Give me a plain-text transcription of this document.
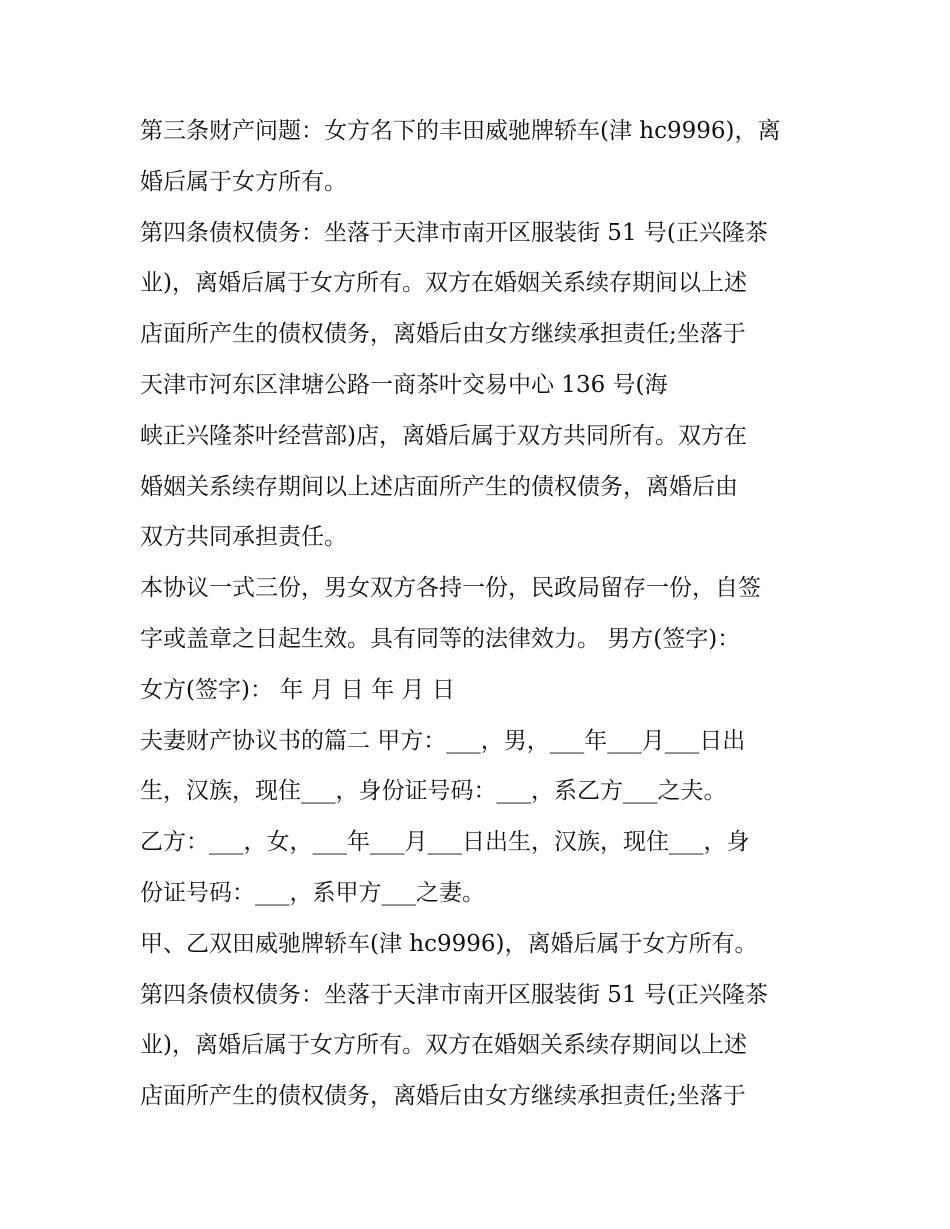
第三条财产问题：女方名下的丰田威驰牌轿车(津 hc9996)，离
婚后属于女方所有。
第四条债权债务：坐落于天津市南开区服装街 51 号(正兴隆茶
业)，离婚后属于女方所有。双方在婚姻关系续存期间以上述
店面所产生的债权债务，离婚后由女方继续承担责任;坐落于
天津市河东区津塘公路一商茶叶交易中心 136 号(海
峡正兴隆茶叶经营部)店，离婚后属于双方共同所有。双方在
婚姻关系续存期间以上述店面所产生的债权债务，离婚后由
双方共同承担责任。
本协议一式三份，男女双方各持一份，民政局留存一份，自签
字或盖章之日起生效。具有同等的法律效力。 男方(签字)：
女方(签字)： 年 月 日 年 月 日
夫妻财产协议书的篇二 甲方：___，男，___年___月___日出
生，汉族，现住___，身份证号码：___，系乙方___之夫。
乙方：___，女，___年___月___日出生，汉族，现住___，身
份证号码：___，系甲方___之妻。
甲、乙双田威驰牌轿车(津 hc9996)，离婚后属于女方所有。
第四条债权债务：坐落于天津市南开区服装街 51 号(正兴隆茶
业)，离婚后属于女方所有。双方在婚姻关系续存期间以上述
店面所产生的债权债务，离婚后由女方继续承担责任;坐落于
